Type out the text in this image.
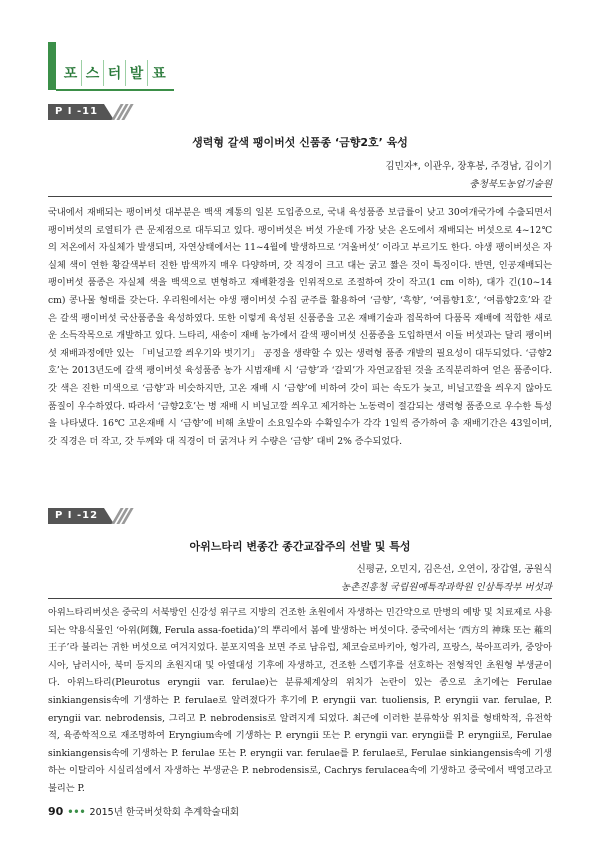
포 스 터 발 표
P I -11
생력형 갈색 팽이버섯 신품종 ‘금향2호’ 육성
김민자*, 이관우, 장후봉, 주경남, 김이기
충청북도농업기술원

국내에서 재배되는 팽이버섯 대부분은 백색 계통의 일본 도입종으로, 국내 육성품종 보급률이 낮고 30여개국가에 수출되면서 팽이버섯의 로열티가 큰 문제점으로 대두되고 있다. 팽이버섯은 버섯 가운데 가장 낮은 온도에서 재배되는 버섯으로 4~12℃의 저온에서 자실체가 발생되며, 자연상태에서는 11~4월에 발생하므로 ‘겨울버섯’ 이라고 부르기도 한다. 야생 팽이버섯은 자실체 색이 연한 황갈색부터 진한 밤색까지 매우 다양하며, 갓 직경이 크고 대는 굵고 짧은 것이 특징이다. 반면, 인공재배되는 팽이버섯 품종은 자실체 색을 백색으로 변형하고 재배환경을 인위적으로 조절하여 갓이 작고(1 cm 이하), 대가 긴(10~14 cm) 콩나물 형태를 갖는다. 우리원에서는 야생 팽이버섯 수집 균주를 활용하여 ‘금향’, ‘흑향’, ‘여름향1호’, ‘여름향2호’와 같은 갈색 팽이버섯 국산품종을 육성하였다. 또한 이렇게 육성된 신품종을 고온 재배기술과 접목하여 다품목 재배에 적합한 새로운 소득작목으로 개발하고 있다. 느타리, 새송이 재배 농가에서 갈색 팽이버섯 신품종을 도입하면서 이들 버섯과는 달리 팽이버섯 재배과정에만 있는 「비닐고깔 씌우기와 벗기기」 공정을 생략할 수 있는 생력형 품종 개발의 필요성이 대두되었다. ‘금향2호’는 2013년도에 갈색 팽이버섯 육성품종 농가 시범재배 시 ‘금향’과 ‘갈뫼’가 자연교잡된 것을 조직분리하여 얻은 품종이다. 갓 색은 진한 미색으로 ‘금향’과 비슷하지만, 고온 재배 시 ‘금향’에 비하여 갓이 피는 속도가 늦고, 비닐고깔을 씌우지 않아도 품질이 우수하였다. 따라서 ‘금향2호’는 병 재배 시 비닐고깔 씌우고 제거하는 노동력이 절감되는 생력형 품종으로 우수한 특성을 나타냈다. 16℃ 고온재배 시 ‘금향’에 비해 초발이 소요일수와 수확일수가 각각 1일씩 증가하여 총 재배기간은 43일이며, 갓 직경은 더 작고, 갓 두께와 대 직경이 더 굵겨나 커 수량은 ‘금향’ 대비 2% 증수되었다.

P I -12
아위느타리 변종간 종간교잡주의 선발 및 특성
신평균, 오민지, 김은선, 오연이, 장갑열, 공원식
농촌진흥청 국립원예특작과학원 인삼특작부 버섯과

아위느타리버섯은 중국의 서북방인 신강성 위구르 지방의 건조한 초원에서 자생하는 민간약으로 만병의 예방 및 치료제로 사용되는 약용식물인 ‘아위(阿魏, Ferula assa-foetida)’의 뿌리에서 봄에 발생하는 버섯이다. 중국에서는 ‘西方의 神珠 또는 䕌의 王子’라 불리는 귀한 버섯으로 여겨지었다. 분포지역을 보면 주로 남유럽, 체코슬로바키아, 헝가리, 프랑스, 북아프리카, 중앙아시아, 남러시아, 북미 등지의 초원지대 및 아열대성 기후에 자생하고, 건조한 스텝기후를 선호하는 전형적인 초원형 부생균이다. 아위느타리(Pleurotus eryngii var. ferulae)는 분류체계상의 위치가 논란이 있는 종으로 초기에는 Ferulae sinkiangensis속에 기생하는 P. ferulae로 알려졌다가 후기에 P. eryngii var. tuoliensis, P. eryngii var. ferulae, P. eryngii var. nebrodensis, 그리고 P. nebrodensis로 알려지게 되었다. 최근에 이러한 분류학상 위치를 형태학적, 유전학적, 육종학적으로 재조명하여 Eryngium속에 기생하는 P. eryngii 또는 P. eryngii var. eryngii를 P. eryngii로, Ferulae sinkiangensis속에 기생하는 P. ferulae 또는 P. eryngii var. ferulae를 P. ferulae로, Ferulae sinkiangensis속에 기생하는 이탈리아 시실리섬에서 자생하는 부생균은 P. nebrodensis로, Cachrys ferulacea속에 기생하고 중국에서 백영고라고 불리는 P.

90 ••• 2015년 한국버섯학회 추계학술대회
